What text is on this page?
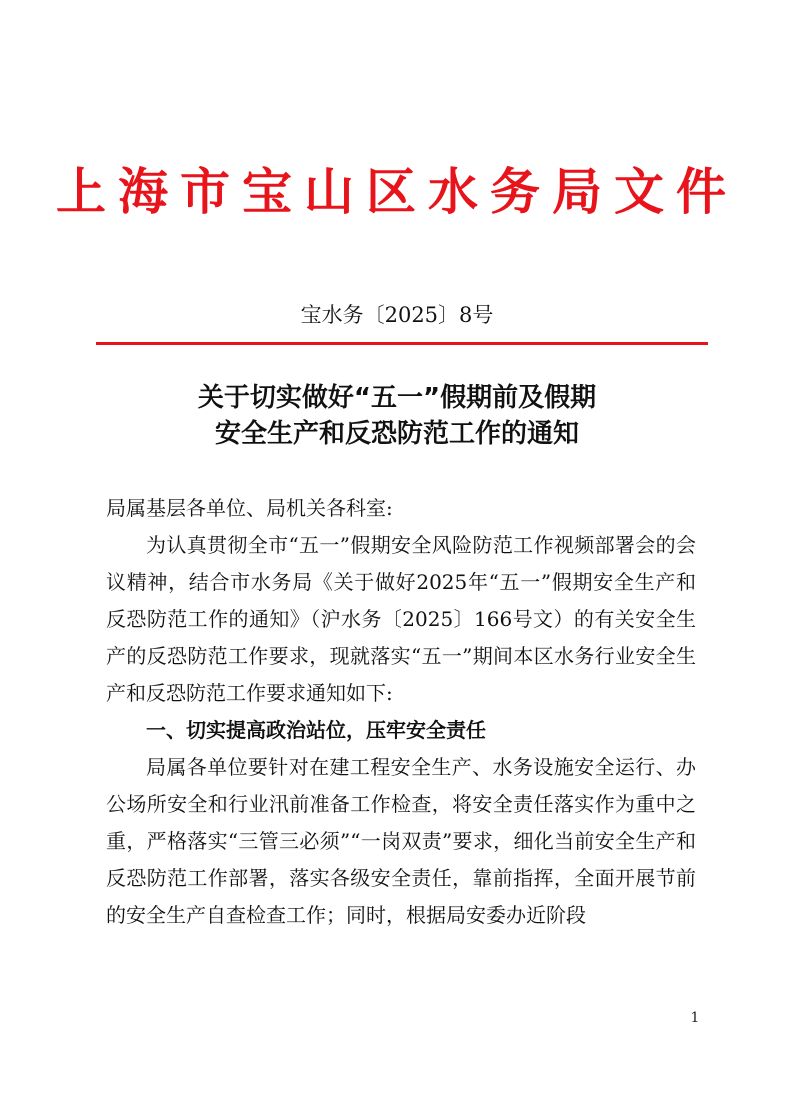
上海市宝山区水务局文件
宝水务〔2025〕8号
关于切实做好“五一”假期前及假期
安全生产和反恐防范工作的通知

局属基层各单位、局机关各科室:

为认真贯彻全市“五一”假期安全风险防范工作视频部署会的会议精神，结合市水务局《关于做好2025年“五一”假期安全生产和反恐防范工作的通知》（沪水务〔2025〕166号文）的有关安全生产的反恐防范工作要求，现就落实“五一”期间本区水务行业安全生产和反恐防范工作要求通知如下:

一、切实提高政治站位，压牢安全责任

局属各单位要针对在建工程安全生产、水务设施安全运行、办公场所安全和行业汛前准备工作检查，将安全责任落实作为重中之重，严格落实“三管三必须”“一岗双责”要求，细化当前安全生产和反恐防范工作部署，落实各级安全责任，靠前指挥，全面开展节前的安全生产自查检查工作；同时，根据局安委办近阶段

1
